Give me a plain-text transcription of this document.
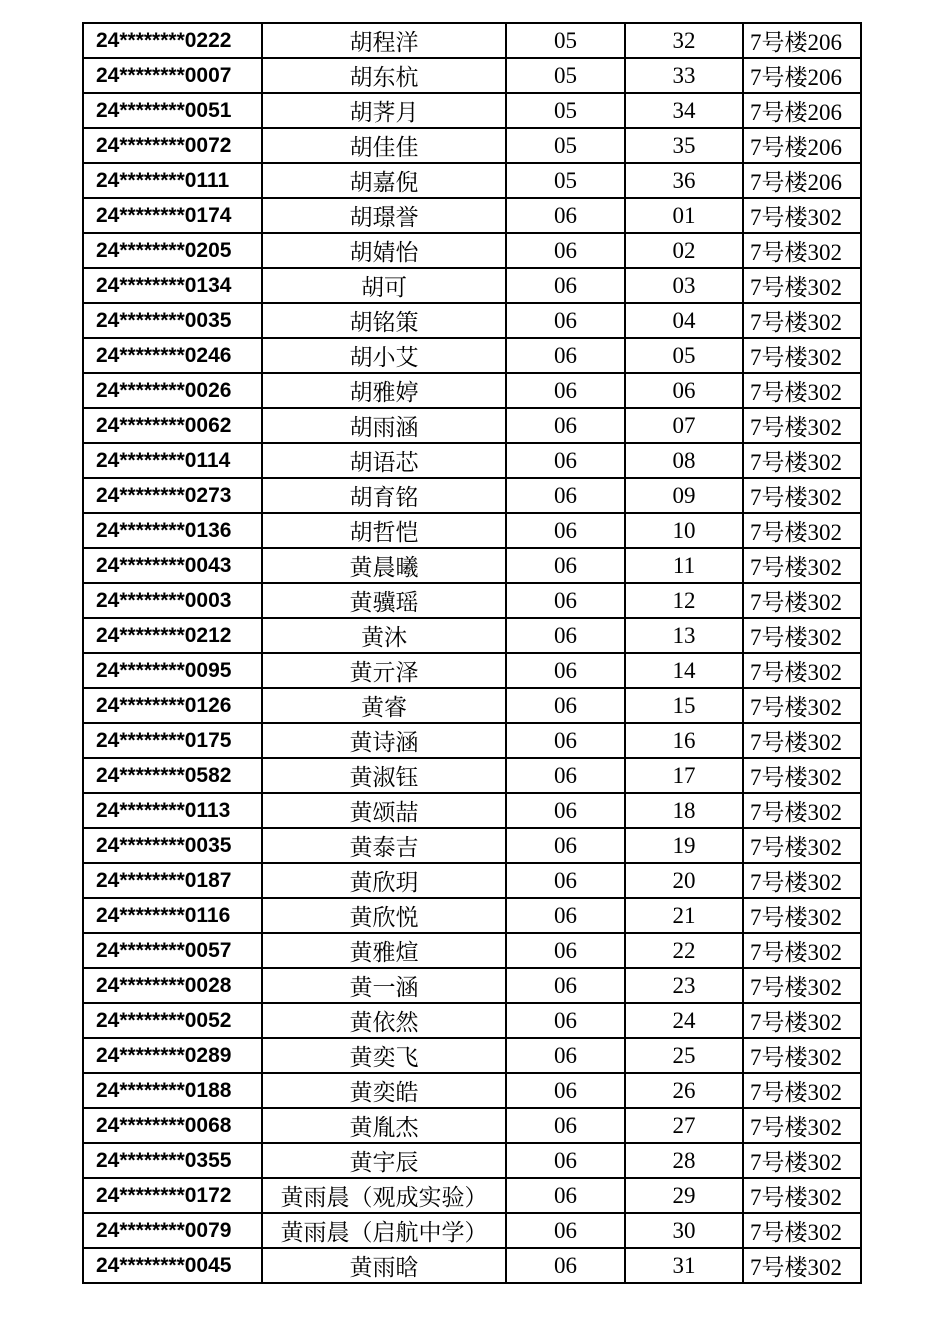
24********0222	胡程洋	05	32	7号楼206
24********0007	胡东杭	05	33	7号楼206
24********0051	胡荠月	05	34	7号楼206
24********0072	胡佳佳	05	35	7号楼206
24********0111	胡嘉倪	05	36	7号楼206
24********0174	胡璟誉	06	01	7号楼302
24********0205	胡婧怡	06	02	7号楼302
24********0134	胡可	06	03	7号楼302
24********0035	胡铭策	06	04	7号楼302
24********0246	胡小艾	06	05	7号楼302
24********0026	胡雅婷	06	06	7号楼302
24********0062	胡雨涵	06	07	7号楼302
24********0114	胡语芯	06	08	7号楼302
24********0273	胡育铭	06	09	7号楼302
24********0136	胡哲恺	06	10	7号楼302
24********0043	黄晨曦	06	11	7号楼302
24********0003	黄骥瑶	06	12	7号楼302
24********0212	黄沐	06	13	7号楼302
24********0095	黄亓泽	06	14	7号楼302
24********0126	黄睿	06	15	7号楼302
24********0175	黄诗涵	06	16	7号楼302
24********0582	黄淑钰	06	17	7号楼302
24********0113	黄颂喆	06	18	7号楼302
24********0035	黄泰吉	06	19	7号楼302
24********0187	黄欣玥	06	20	7号楼302
24********0116	黄欣悦	06	21	7号楼302
24********0057	黄雅煊	06	22	7号楼302
24********0028	黄一涵	06	23	7号楼302
24********0052	黄依然	06	24	7号楼302
24********0289	黄奕飞	06	25	7号楼302
24********0188	黄奕皓	06	26	7号楼302
24********0068	黄胤杰	06	27	7号楼302
24********0355	黄宇辰	06	28	7号楼302
24********0172	黄雨晨（观成实验）	06	29	7号楼302
24********0079	黄雨晨（启航中学）	06	30	7号楼302
24********0045	黄雨晗	06	31	7号楼302
